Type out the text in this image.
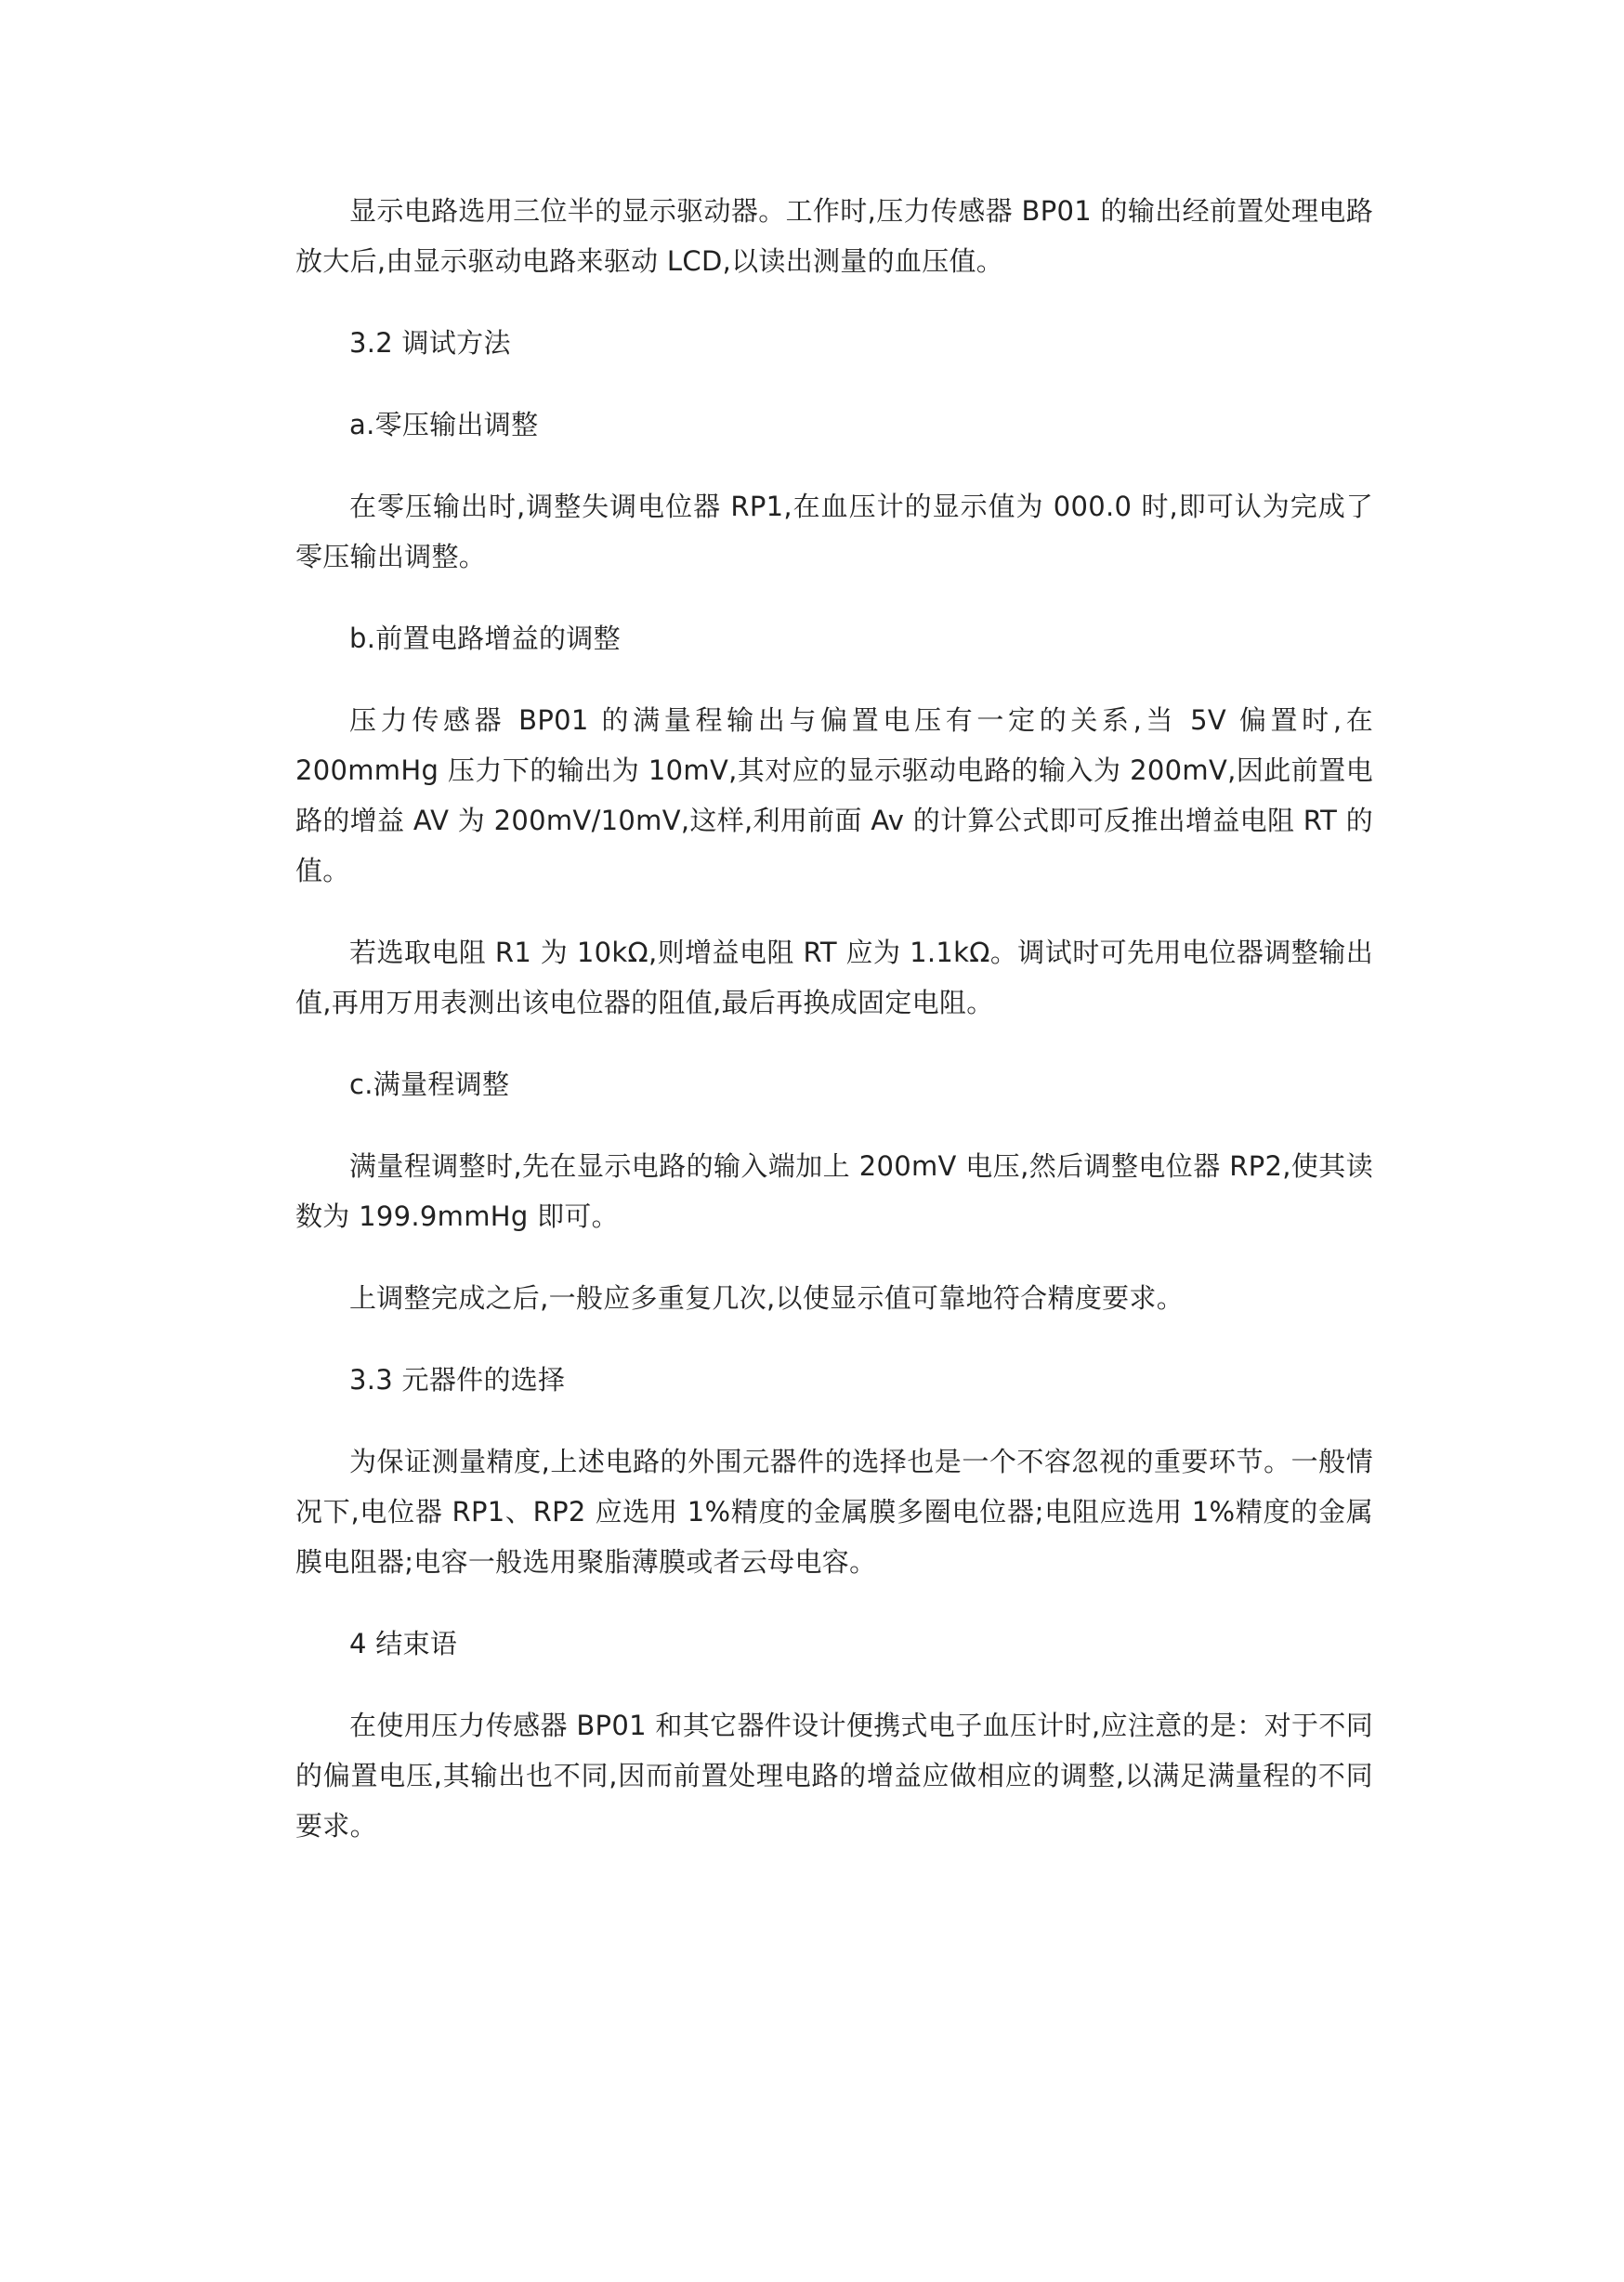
显示电路选用三位半的显示驱动器。工作时,压力传感器 BP01 的输出经前置处理电路放大后,由显示驱动电路来驱动 LCD,以读出测量的血压值。

3.2 调试方法

a.零压输出调整

在零压输出时,调整失调电位器 RP1,在血压计的显示值为 000.0 时,即可认为完成了零压输出调整。

b.前置电路增益的调整

压力传感器 BP01 的满量程输出与偏置电压有一定的关系,当 5V 偏置时,在 200mmHg 压力下的输出为 10mV,其对应的显示驱动电路的输入为 200mV,因此前置电路的增益 AV 为 200mV/10mV,这样,利用前面 Av 的计算公式即可反推出增益电阻 RT 的值。

若选取电阻 R1 为 10kΩ,则增益电阻 RT 应为 1.1kΩ。调试时可先用电位器调整输出值,再用万用表测出该电位器的阻值,最后再换成固定电阻。

c.满量程调整

满量程调整时,先在显示电路的输入端加上 200mV 电压,然后调整电位器 RP2,使其读数为 199.9mmHg 即可。

上调整完成之后,一般应多重复几次,以使显示值可靠地符合精度要求。

3.3 元器件的选择

为保证测量精度,上述电路的外围元器件的选择也是一个不容忽视的重要环节。一般情况下,电位器 RP1、RP2 应选用 1%精度的金属膜多圈电位器;电阻应选用 1%精度的金属膜电阻器;电容一般选用聚脂薄膜或者云母电容。

4 结束语

在使用压力传感器 BP01 和其它器件设计便携式电子血压计时,应注意的是：对于不同的偏置电压,其输出也不同,因而前置处理电路的增益应做相应的调整,以满足满量程的不同要求。
